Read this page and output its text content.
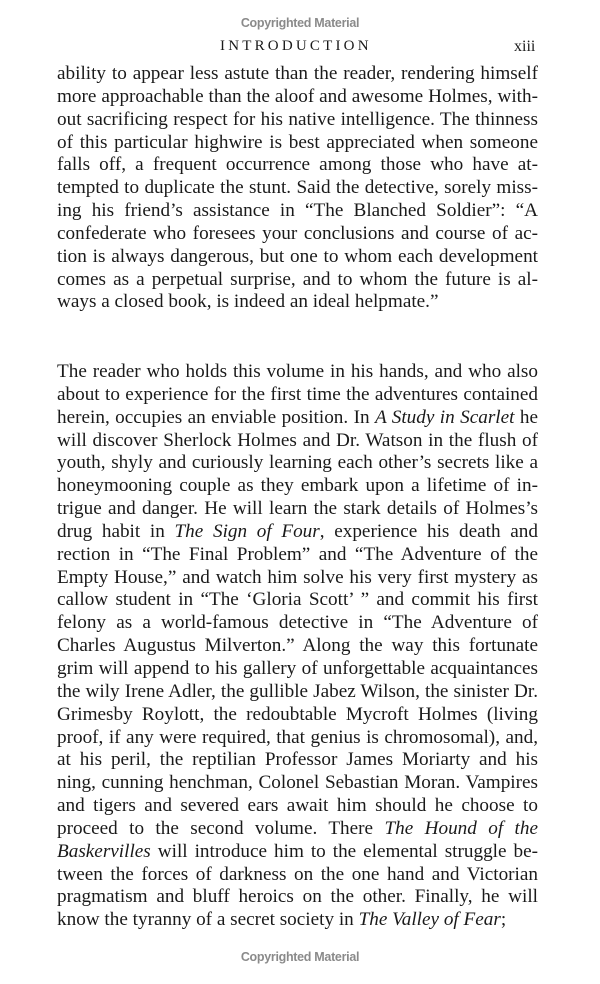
Copyrighted Material
INTRODUCTION	xiii
ability to appear less astute than the reader, rendering himself
more approachable than the aloof and awesome Holmes, with-
out sacrificing respect for his native intelligence. The thinness
of this particular highwire is best appreciated when someone
falls off, a frequent occurrence among those who have at-
tempted to duplicate the stunt. Said the detective, sorely miss-
ing his friend’s assistance in “The Blanched Soldier”: “A
confederate who foresees your conclusions and course of ac-
tion is always dangerous, but one to whom each development
comes as a perpetual surprise, and to whom the future is al-
ways a closed book, is indeed an ideal helpmate.”
The reader who holds this volume in his hands, and who also
about to experience for the first time the adventures contained
herein, occupies an enviable position. In A Study in Scarlet he
will discover Sherlock Holmes and Dr. Watson in the flush of
youth, shyly and curiously learning each other’s secrets like a
honeymooning couple as they embark upon a lifetime of in-
trigue and danger. He will learn the stark details of Holmes’s
drug habit in The Sign of Four, experience his death and
rection in “The Final Problem” and “The Adventure of the
Empty House,” and watch him solve his very first mystery as
callow student in “The ‘Gloria Scott’ ” and commit his first
felony as a world-famous detective in “The Adventure of
Charles Augustus Milverton.” Along the way this fortunate
grim will append to his gallery of unforgettable acquaintances
the wily Irene Adler, the gullible Jabez Wilson, the sinister Dr.
Grimesby Roylott, the redoubtable Mycroft Holmes (living
proof, if any were required, that genius is chromosomal), and,
at his peril, the reptilian Professor James Moriarty and his
ning, cunning henchman, Colonel Sebastian Moran. Vampires
and tigers and severed ears await him should he choose to
proceed to the second volume. There The Hound of the
Baskervilles will introduce him to the elemental struggle be-
tween the forces of darkness on the one hand and Victorian
pragmatism and bluff heroics on the other. Finally, he will
know the tyranny of a secret society in The Valley of Fear;
Copyrighted Material
